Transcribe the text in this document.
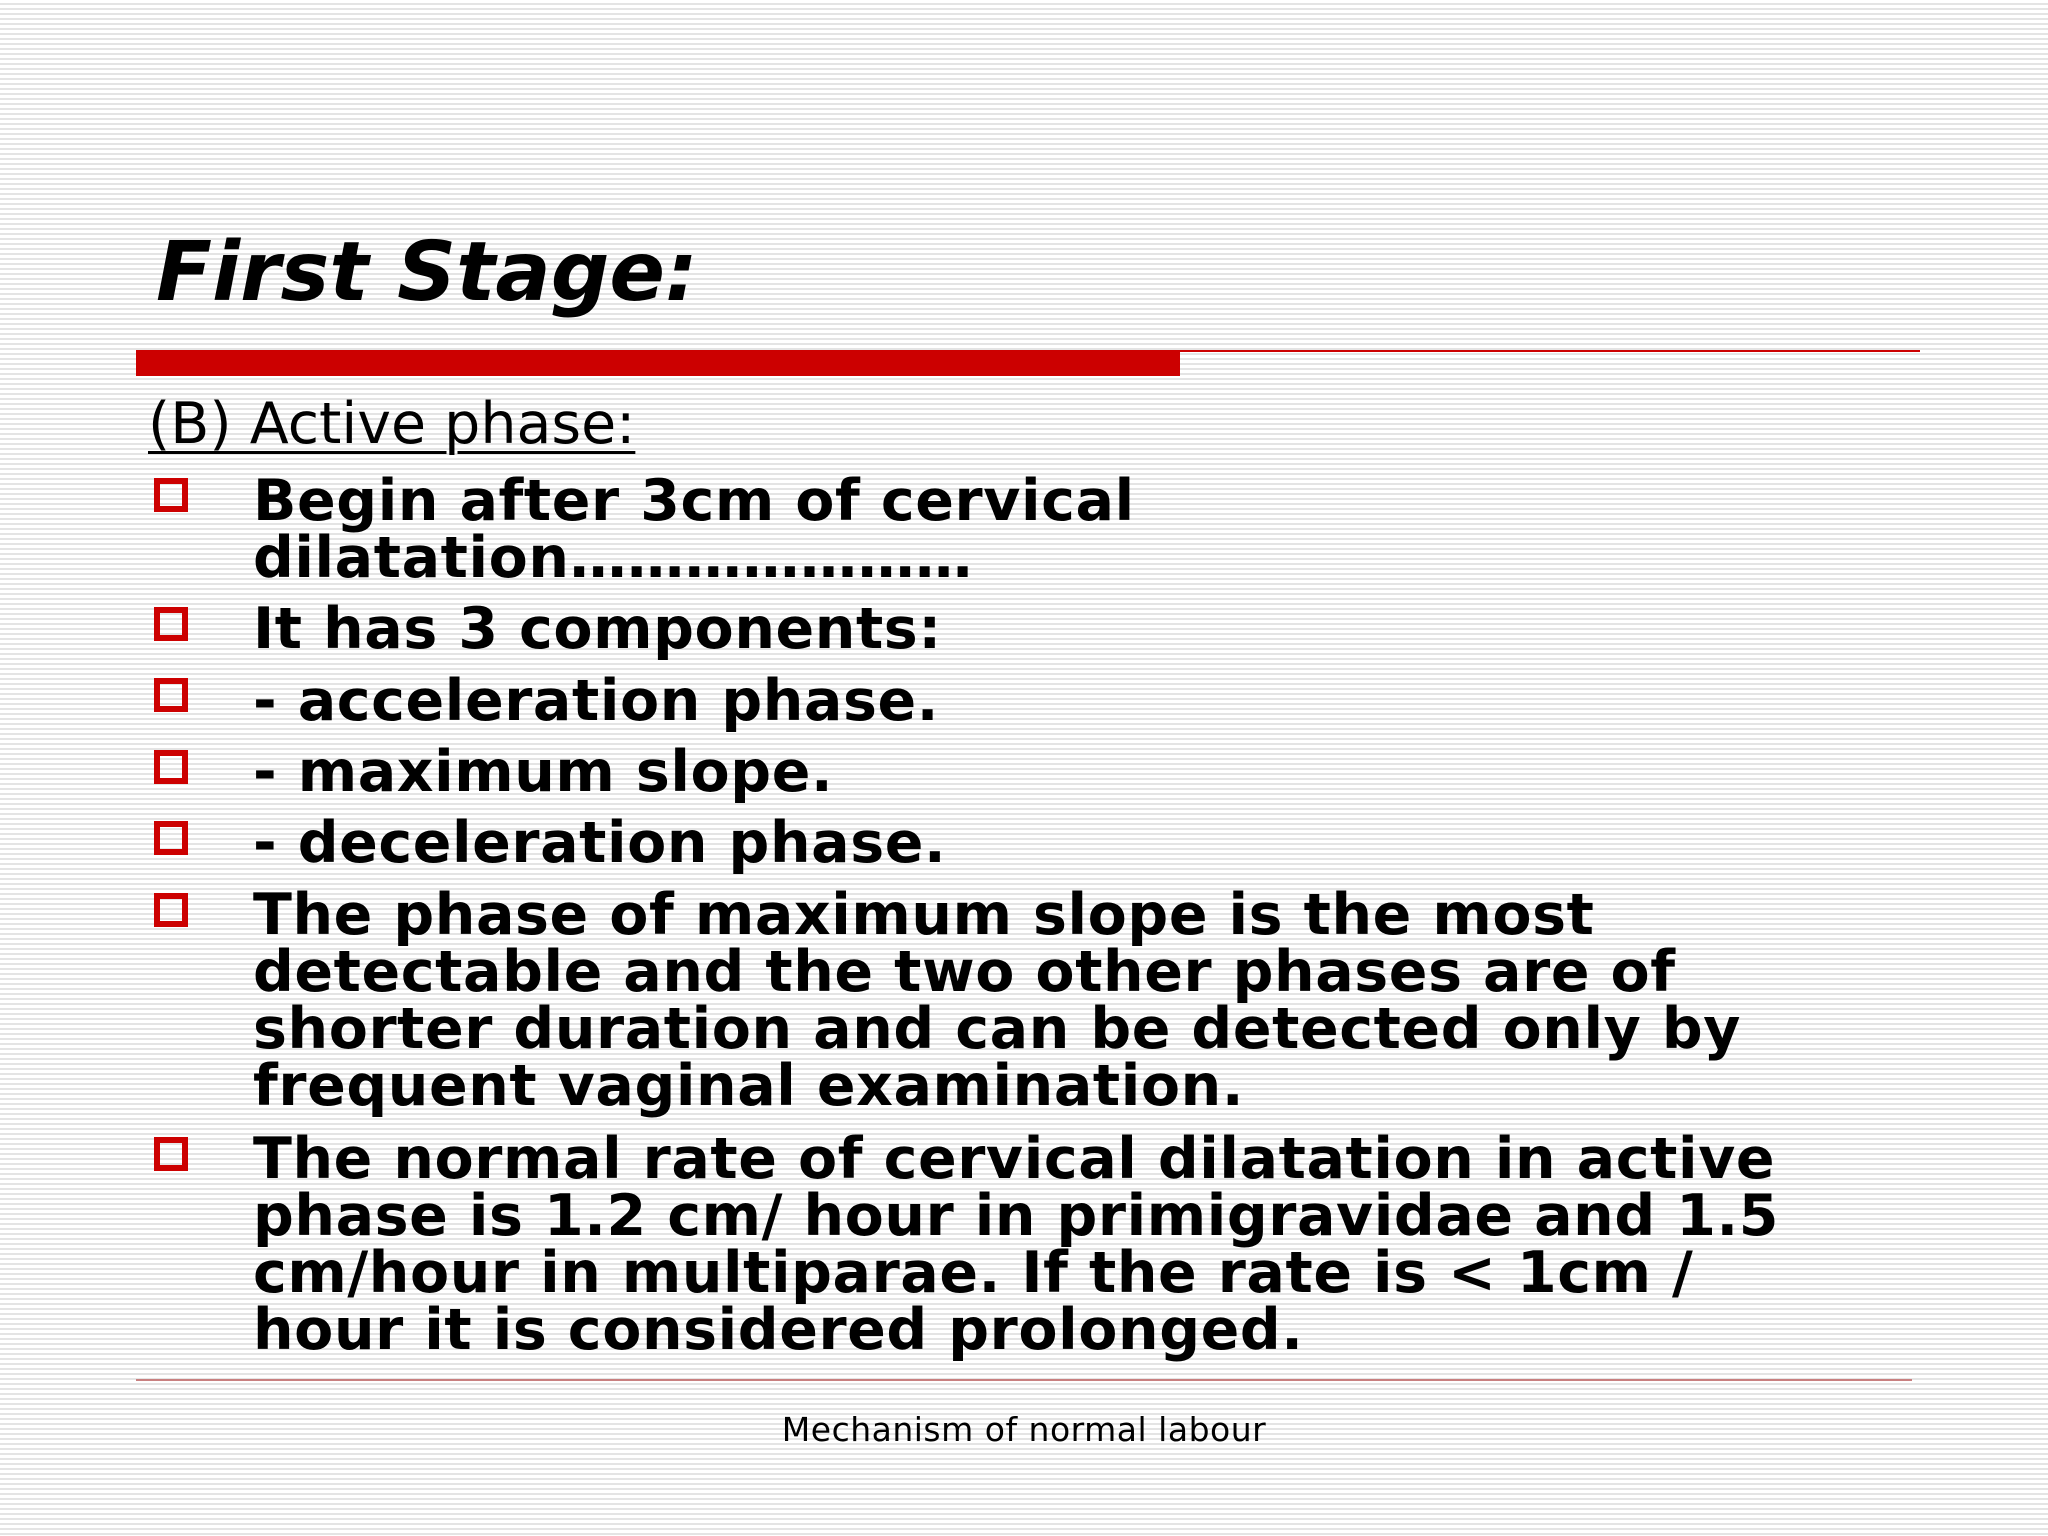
First Stage:
(B) Active phase:
Begin after 3cm of cervical
dilatation…………………
It has 3 components:
- acceleration phase.
- maximum slope.
- deceleration phase.
The phase of maximum slope is the most
detectable and the two other phases are of
shorter duration and can be detected only by
frequent vaginal examination.
The normal rate of cervical dilatation in active
phase is 1.2 cm/ hour in primigravidae and 1.5
cm/hour in multiparae. If the rate is < 1cm /
hour it is considered prolonged.
Mechanism of normal labour
